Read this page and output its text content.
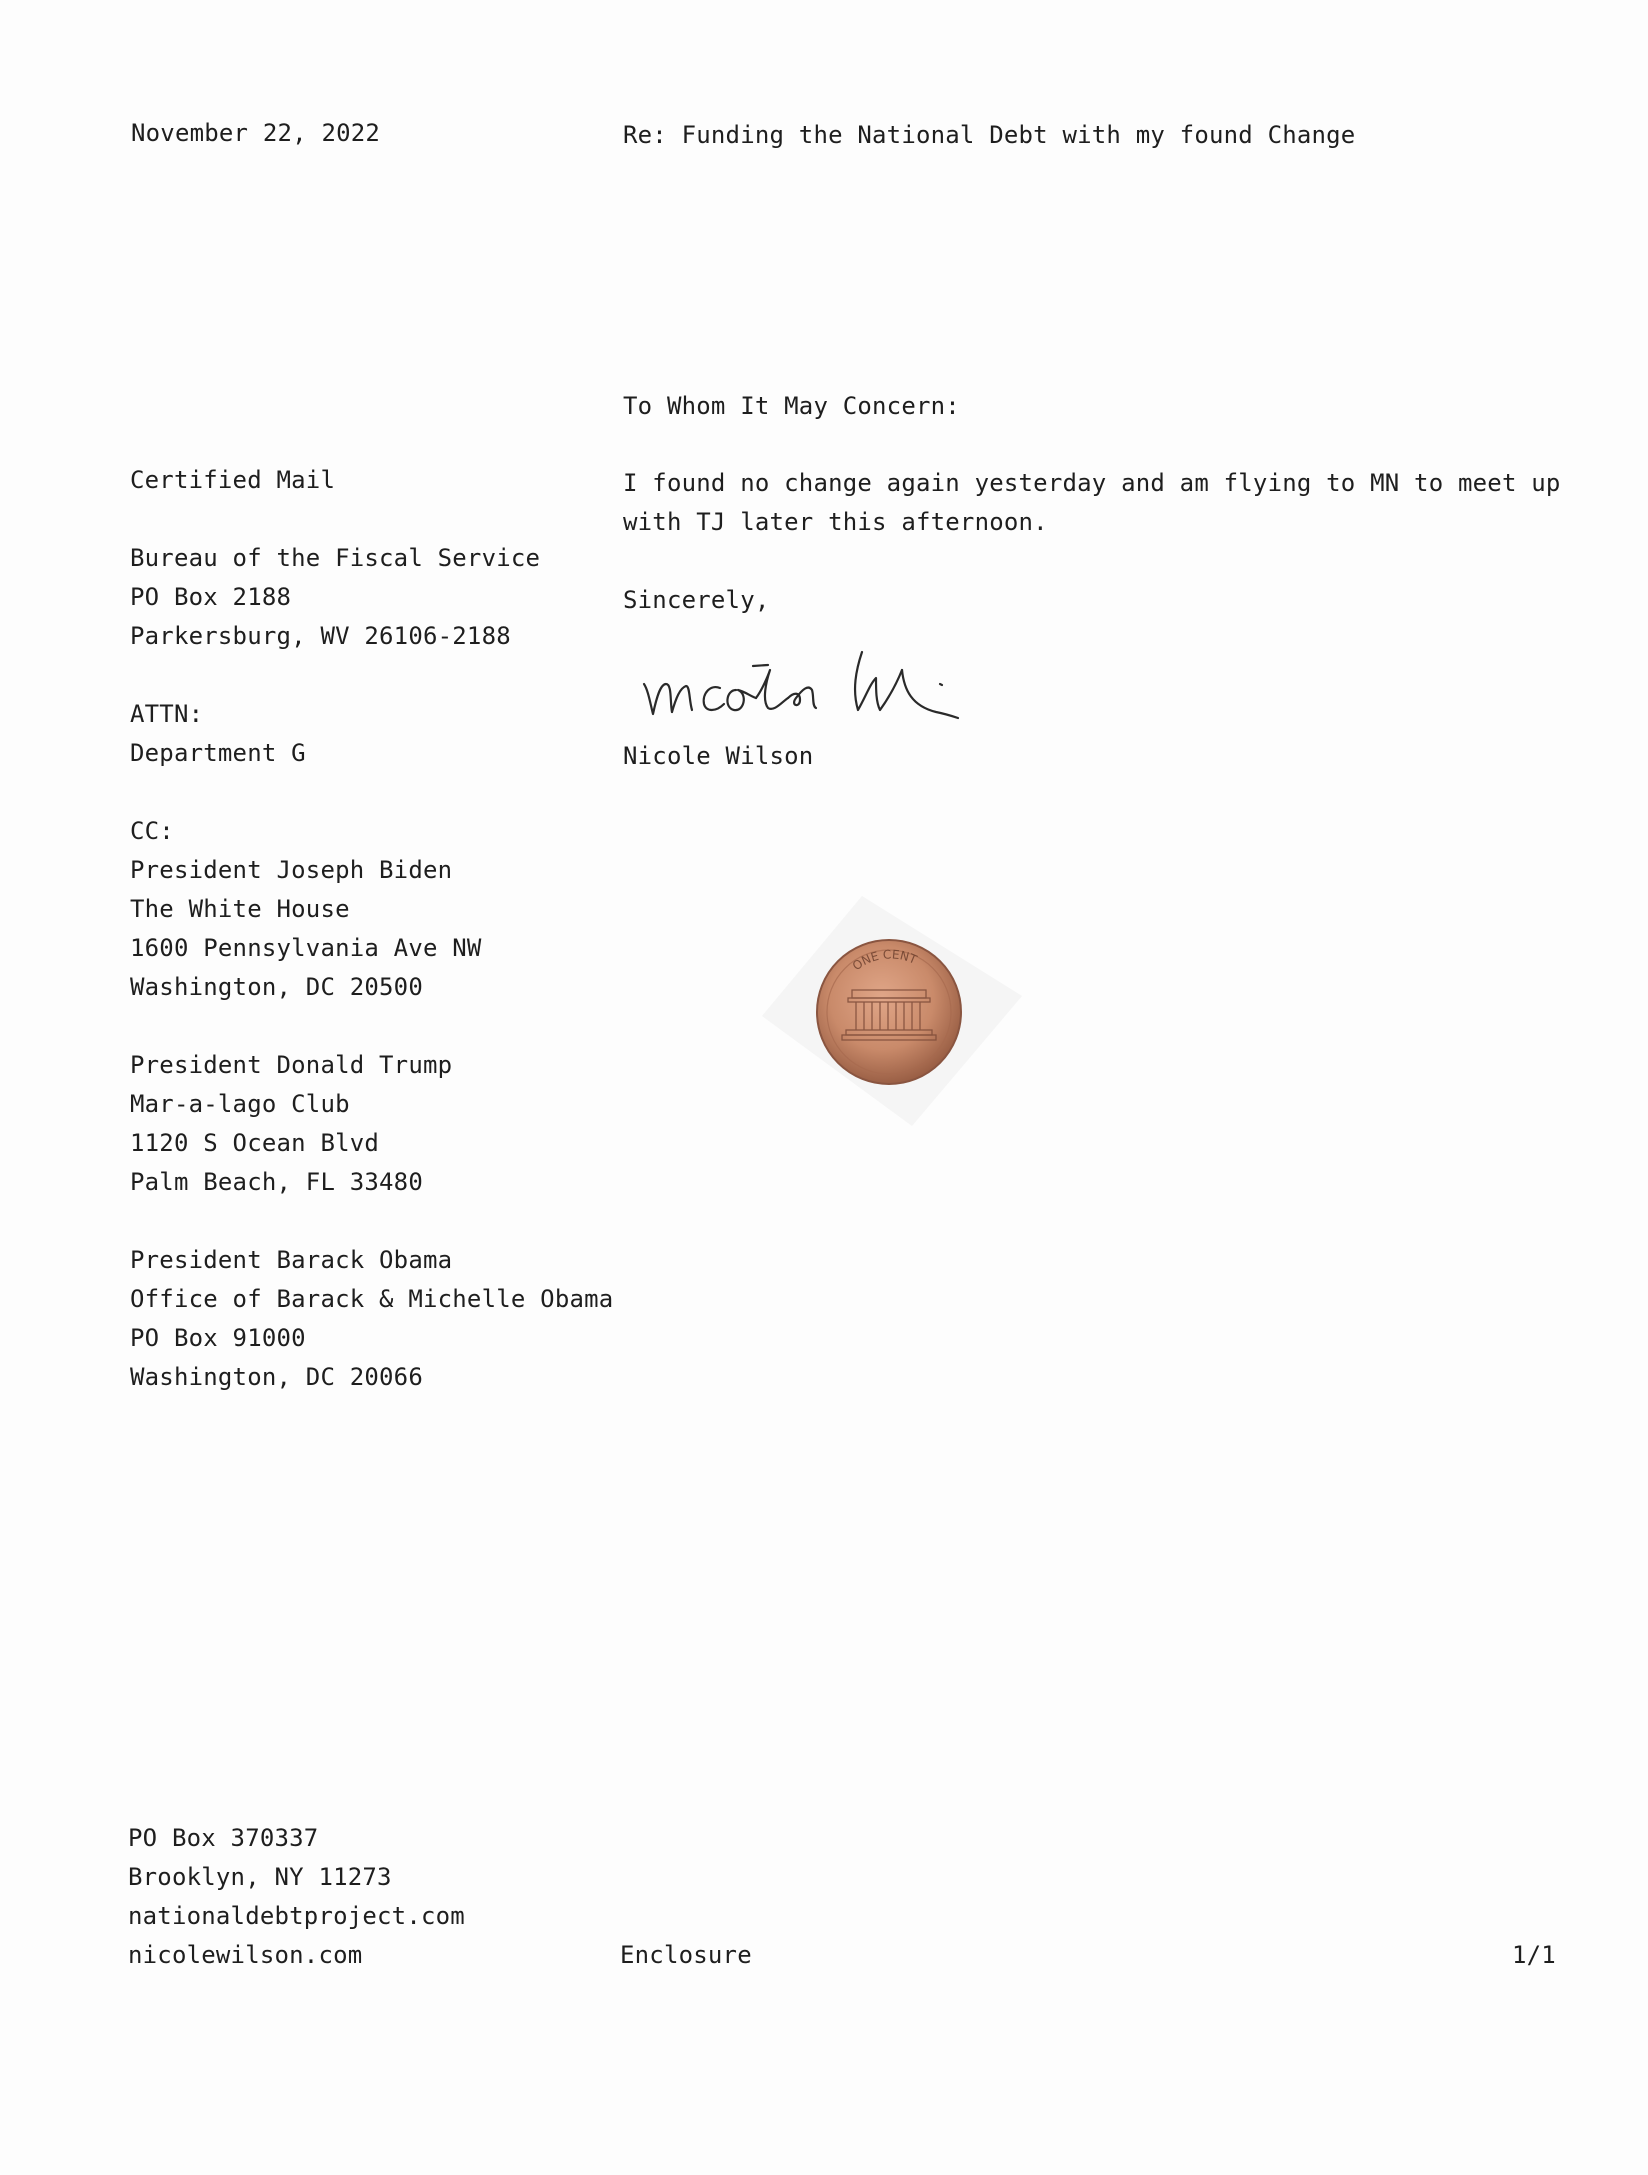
November 22, 2022	Re: Funding the National Debt with my found Change
To Whom It May Concern:
I found no change again yesterday and am flying to MN to meet up
with TJ later this afternoon.
Sincerely,
Nicole Wilson
Certified Mail
Bureau of the Fiscal Service
PO Box 2188
Parkersburg, WV 26106-2188
ATTN:
Department G
CC:
President Joseph Biden
The White House
1600 Pennsylvania Ave NW
Washington, DC 20500
President Donald Trump
Mar-a-lago Club
1120 S Ocean Blvd
Palm Beach, FL 33480
President Barack Obama
Office of Barack & Michelle Obama
PO Box 91000
Washington, DC 20066
ONE CENT
PO Box 370337
Brooklyn, NY 11273
nationaldebtproject.com
nicolewilson.com	Enclosure	1/1
